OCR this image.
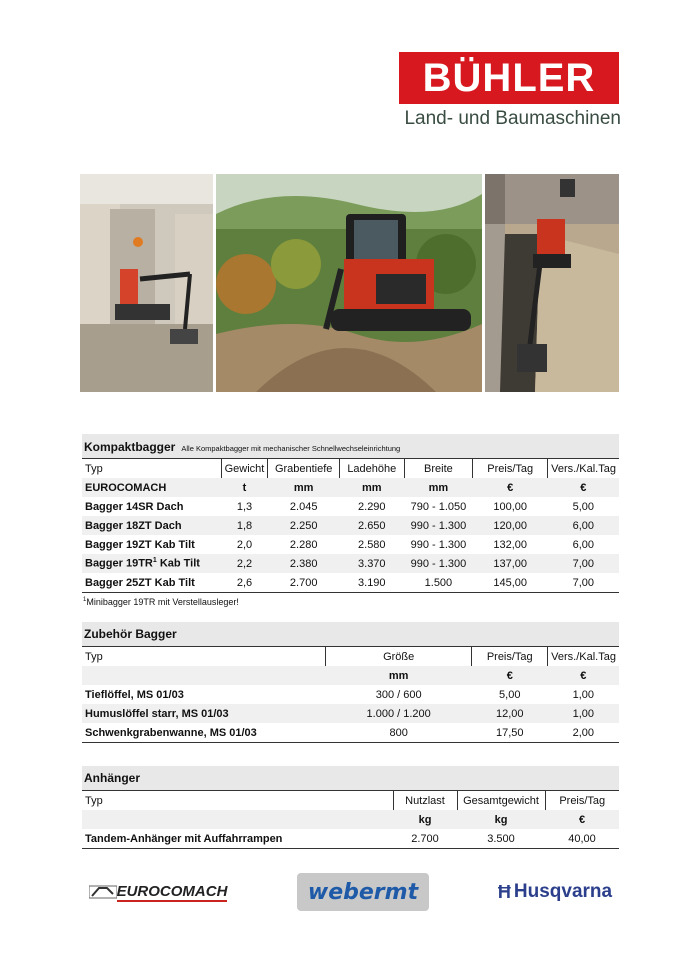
BÜHLER
Land- und Baumaschinen
Kompaktbagger Alle Kompaktbagger mit mechanischer Schnellwechseleinrichtung
Typ	Gewicht	Grabentiefe	Ladehöhe	Breite	Preis/Tag	Vers./Kal.Tag
EUROCOMACH	t	mm	mm	mm	€	€
Bagger 14SR Dach	1,3	2.045	2.290	790 - 1.050	100,00	5,00
Bagger 18ZT Dach	1,8	2.250	2.650	990 - 1.300	120,00	6,00
Bagger 19ZT Kab Tilt	2,0	2.280	2.580	990 - 1.300	132,00	6,00
Bagger $19TR^1$ Kab Tilt	2,2	2.380	3.370	990 - 1.300	137,00	7,00
Bagger 25ZT Kab Tilt	2,6	2.700	3.190	1.500	145,00	7,00
$^1$Minibagger 19TR mit Verstellausleger!
Zubehör Bagger
Typ	Größe	Preis/Tag	Vers./Kal.Tag
	mm	€	€
Tieflöffel, MS 01/03	300 / 600	5,00	1,00
Humuslöffel starr, MS 01/03	1.000 / 1.200	12,00	1,00
Schwenkgrabenwanne, MS 01/03	800	17,50	2,00
Anhänger
Typ	Nutzlast	Gesamtgewicht	Preis/Tag
	kg	kg	€
Tandem-Anhänger mit Auffahrrampen	2.700	3.500	40,00
EUROCOMACH	webermt	Ħ Husqvarna
